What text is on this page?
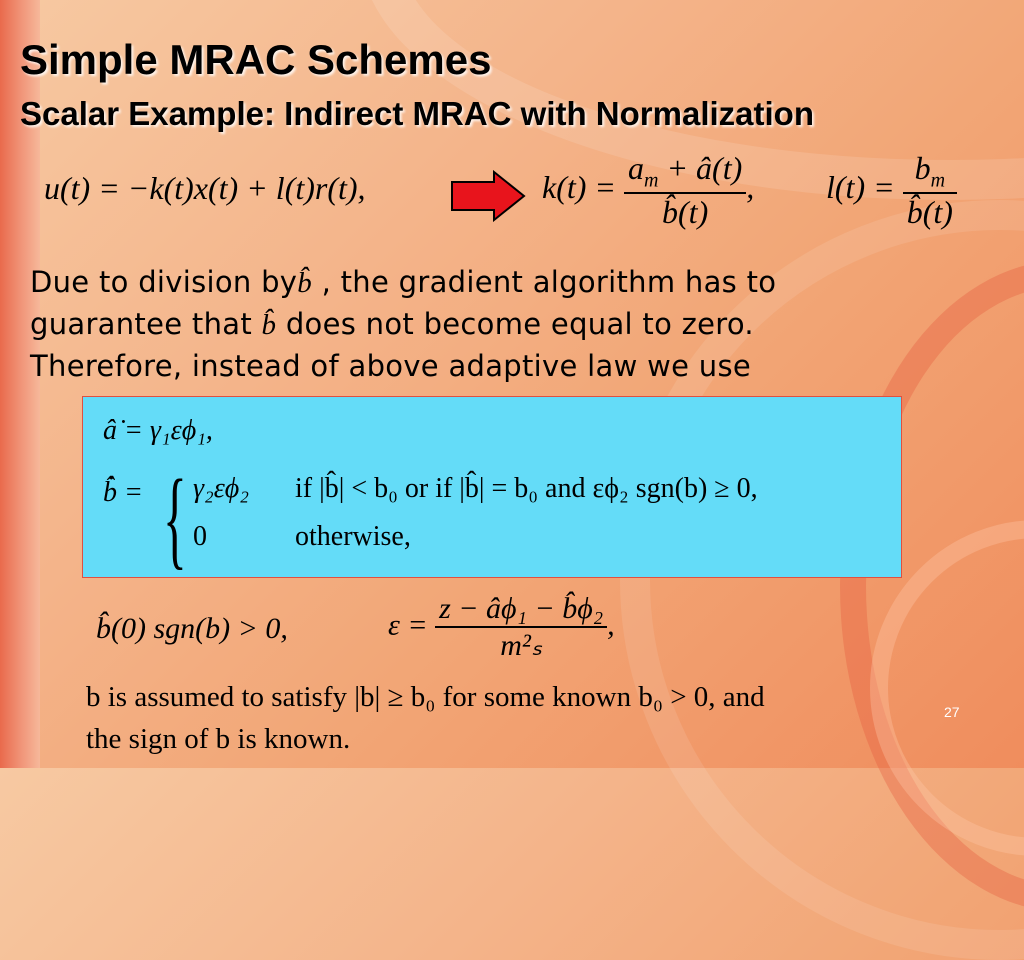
Simple MRAC Schemes
Scalar Example: Indirect MRAC with Normalization
u(t) = −k(t)x(t) + l(t)r(t),	$k(t) = \frac{a_m + â(t)}{b̂(t)}$ , $l(t) = \frac{b_m}{b̂(t)}$
Due to division byb̂ , the gradient algorithm has to
guarantee that b̂ does not become equal to zero.
Therefore, instead of above adaptive law we use
â̇ = γ₁εϕ₁,
b̂̇ = { γ₂εϕ₂ if |b̂| < b₀ or if |b̂| = b₀ and εϕ₂ sgn(b) ≥ 0,
0	otherwise,
b̂(0) sgn(b) > 0,	$\varepsilon = \frac{\text{z − âϕ₁ − b̂ϕ₂}}{\text{m²ₛ}}$ ,
b is assumed to satisfy |b| ≥ b₀ for some known b₀ > 0, and
the sign of b is known.
27
